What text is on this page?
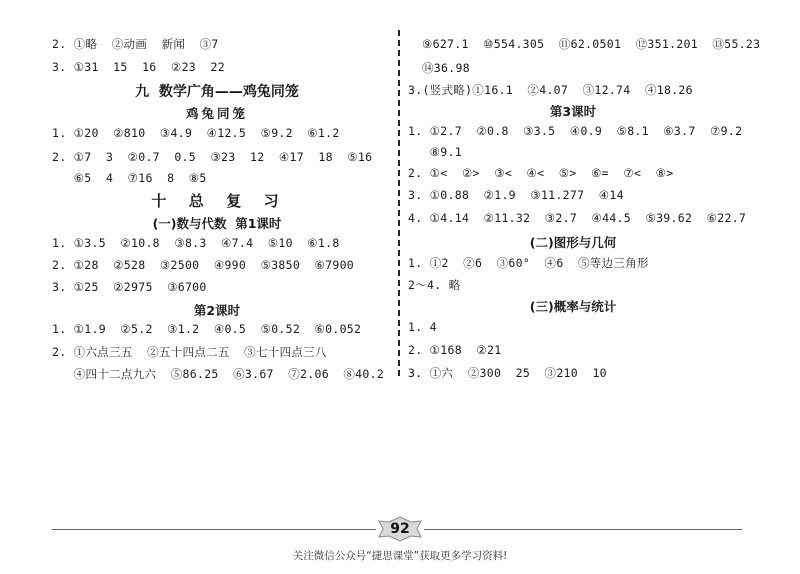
2. ①略  ②动画  新闻  ③7
3. ①31  15  16  ②23  22
九  数学广角——鸡兔同笼
鸡兔同笼
1. ①20  ②810  ③4.9  ④12.5  ⑤9.2  ⑥1.2
2. ①7  3  ②0.7  0.5  ③23  12  ④17  18  ⑤16
⑥5  4  ⑦16  8  ⑧5
十  总  复  习
(一)数与代数  第1课时
1. ①3.5  ②10.8  ③8.3  ④7.4  ⑤10  ⑥1.8
2. ①28  ②528  ③2500  ④990  ⑤3850  ⑥7900
3. ①25  ②2975  ③6700
第2课时
1. ①1.9  ②5.2  ③1.2  ④0.5  ⑤0.52  ⑥0.052
2. ①六点三五  ②五十四点二五  ③七十四点三八
④四十二点九六  ⑤86.25  ⑥3.67  ⑦2.06  ⑧40.2
⑨627.1  ⑩554.305  ⑪62.0501  ⑫351.201  ⑬55.23
⑭36.98
3.(竖式略)①16.1  ②4.07  ③12.74  ④18.26
第3课时
1. ①2.7  ②0.8  ③3.5  ④0.9  ⑤8.1  ⑥3.7  ⑦9.2
⑧9.1
2. ①<  ②>  ③<  ④<  ⑤>  ⑥=  ⑦<  ⑧>
3. ①0.88  ②1.9  ③11.277  ④14
4. ①4.14  ②11.32  ③2.7  ④44.5  ⑤39.62  ⑥22.7
(二)图形与几何
1. ①2  ②6  ③60°  ④6  ⑤等边三角形
2～4. 略
(三)概率与统计
1. 4
2. ①168  ②21
3. ①六  ②300  25  ③210  10
92
关注微信公众号“捷思课堂”获取更多学习资料!
